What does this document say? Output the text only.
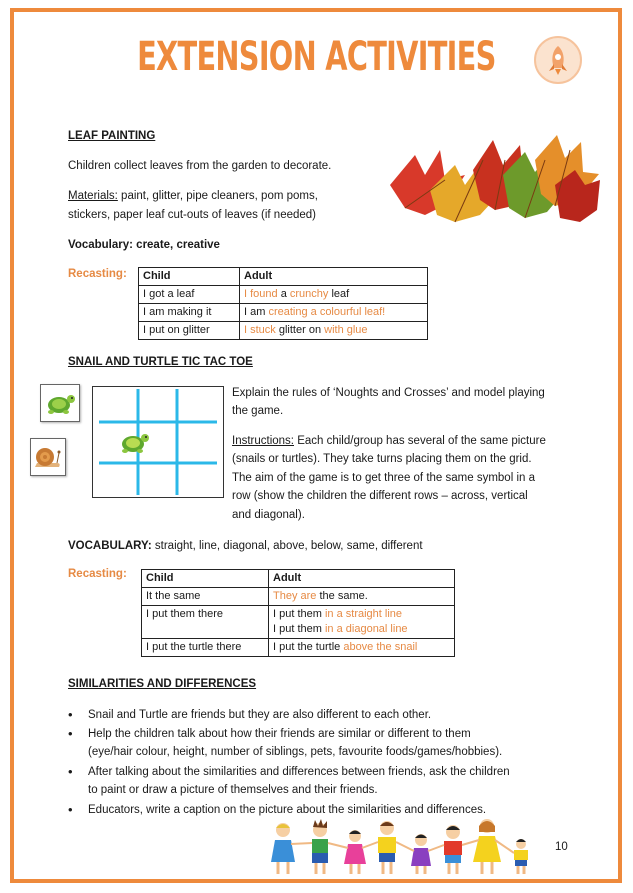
EXTENSION ACTIVITIES
LEAF PAINTING
Children collect leaves from the garden to decorate.
Materials: paint, glitter, pipe cleaners, pom poms,
stickers, paper leaf cut-outs of leaves (if needed)
Vocabulary: create, creative
Recasting: Child	Adult
I got a leaf	I found a crunchy leaf
I am making it	I am creating a colourful leaf!
I put on glitter	I stuck glitter on with glue
SNAIL AND TURTLE TIC TAC TOE
Explain the rules of ‘Noughts and Crosses’ and model playing
the game.
Instructions: Each child/group has several of the same picture
(snails or turtles). They take turns placing them on the grid.
The aim of the game is to get three of the same symbol in a
row (show the children the different rows – across, vertical
and diagonal).
VOCABULARY: straight, line, diagonal, above, below, same, different
Recasting: Child	Adult
It the same	They are the same.
I put them there	I put them in a straight line
I put them in a diagonal line

I put the turtle there	I put the turtle above the snail
SIMILARITIES AND DIFFERENCES
• Snail and Turtle are friends but they are also different to each other.
• Help the children talk about how their friends are similar or different to them
(eye/hair colour, height, number of siblings, pets, favourite foods/games/hobbies).
• After talking about the similarities and differences between friends, ask the children
to paint or draw a picture of themselves and their friends.
• Educators, write a caption on the picture about the similarities and differences.
10
